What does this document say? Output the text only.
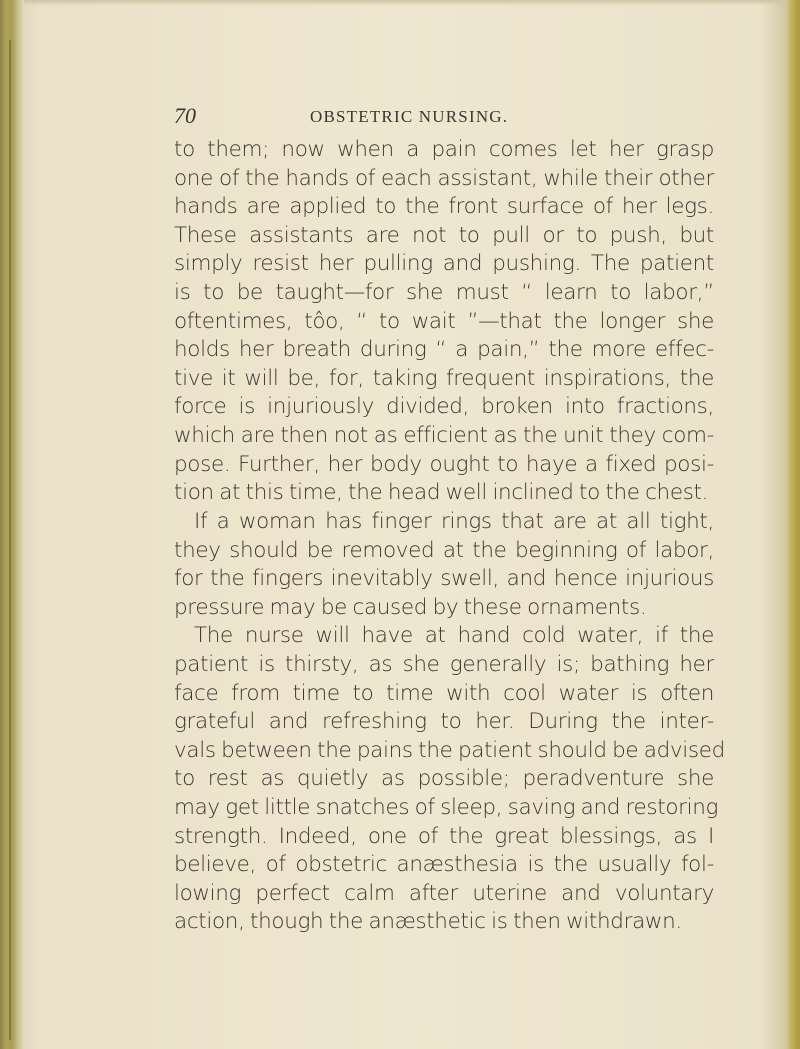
70	OBSTETRIC NURSING.
to them; now when a pain comes let her grasp
one of the hands of each assistant, while their other
hands are applied to the front surface of her legs.
These assistants are not to pull or to push, but
simply resist her pulling and pushing. The patient
is to be taught—for she must “ learn to labor,”
oftentimes, tôo, “ to wait ”—that the longer she
holds her breath during “ a pain,” the more effec-
tive it will be, for, taking frequent inspirations, the
force is injuriously divided, broken into fractions,
which are then not as efficient as the unit they com-
pose. Further, her body ought to haye a fixed posi-
tion at this time, the head well inclined to the chest.
If a woman has finger rings that are at all tight,
they should be removed at the beginning of labor,
for the fingers inevitably swell, and hence injurious
pressure may be caused by these ornaments.
The nurse will have at hand cold water, if the
patient is thirsty, as she generally is; bathing her
face from time to time with cool water is often
grateful and refreshing to her. During the inter-
vals between the pains the patient should be advised
to rest as quietly as possible; peradventure she
may get little snatches of sleep, saving and restoring
strength. Indeed, one of the great blessings, as I
believe, of obstetric anæsthesia is the usually fol-
lowing perfect calm after uterine and voluntary
action, though the anæsthetic is then withdrawn.
